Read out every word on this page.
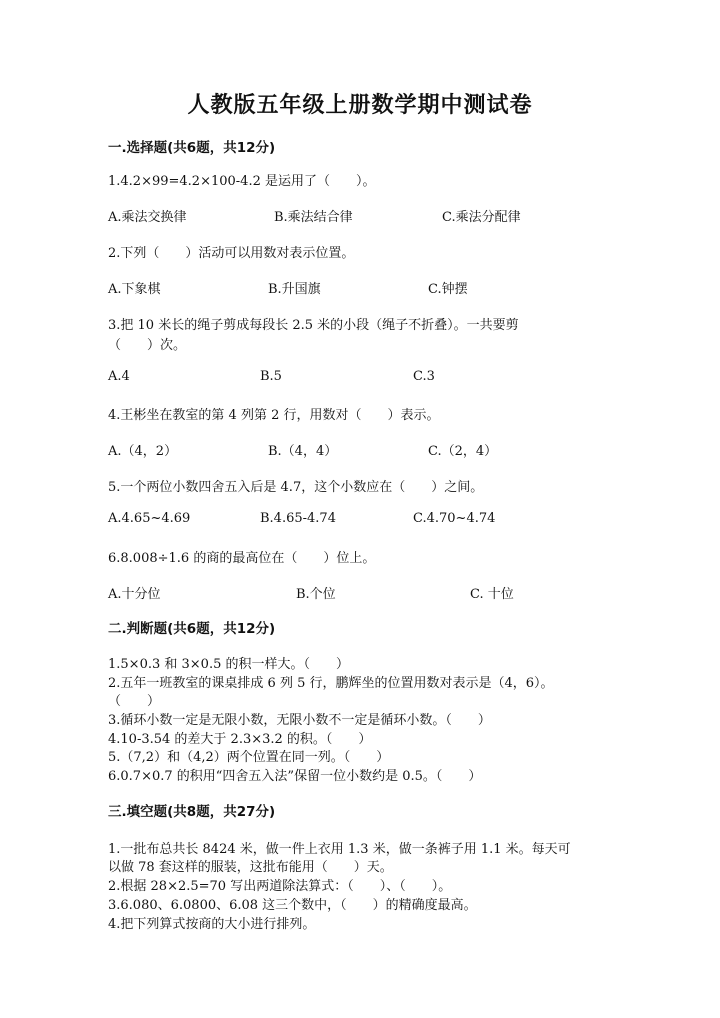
人教版五年级上册数学期中测试卷
一.选择题(共6题，共12分)
1.4.2×99=4.2×100-4.2 是运用了（　　）。
A.乘法交换律	B.乘法结合律	C.乘法分配律
2.下列（　　）活动可以用数对表示位置。
A.下象棋	B.升国旗	C.钟摆
3.把 10 米长的绳子剪成每段长 2.5 米的小段（绳子不折叠）。一共要剪
（　　）次。
A.4	B.5	C.3
4.王彬坐在教室的第 4 列第 2 行，用数对（　　）表示。
A.（4，2）	B.（4，4）	C.（2，4）
5.一个两位小数四舍五入后是 4.7，这个小数应在（　　）之间。
A.4.65~4.69	B.4.65-4.74	C.4.70~4.74
6.8.008÷1.6 的商的最高位在（　　）位上。
A.十分位	B.个位	C. 十位
二.判断题(共6题，共12分)
1.5×0.3 和 3×0.5 的积一样大。（　　）
2.五年一班教室的课桌排成 6 列 5 行，鹏辉坐的位置用数对表示是（4，6）。
（　　）
3.循环小数一定是无限小数，无限小数不一定是循环小数。（　　）
4.10-3.54 的差大于 2.3×3.2 的积。（　　）
5.（7,2）和（4,2）两个位置在同一列。（　　）
6.0.7×0.7 的积用“四舍五入法”保留一位小数约是 0.5。（　　）
三.填空题(共8题，共27分)
1.一批布总共长 8424 米，做一件上衣用 1.3 米，做一条裤子用 1.1 米。每天可
以做 78 套这样的服装，这批布能用（　　）天。
2.根据 28×2.5=70 写出两道除法算式：（　　）、（　　）。
3.6.080、6.0800、6.08 这三个数中，（　　）的精确度最高。
4.把下列算式按商的大小进行排列。
